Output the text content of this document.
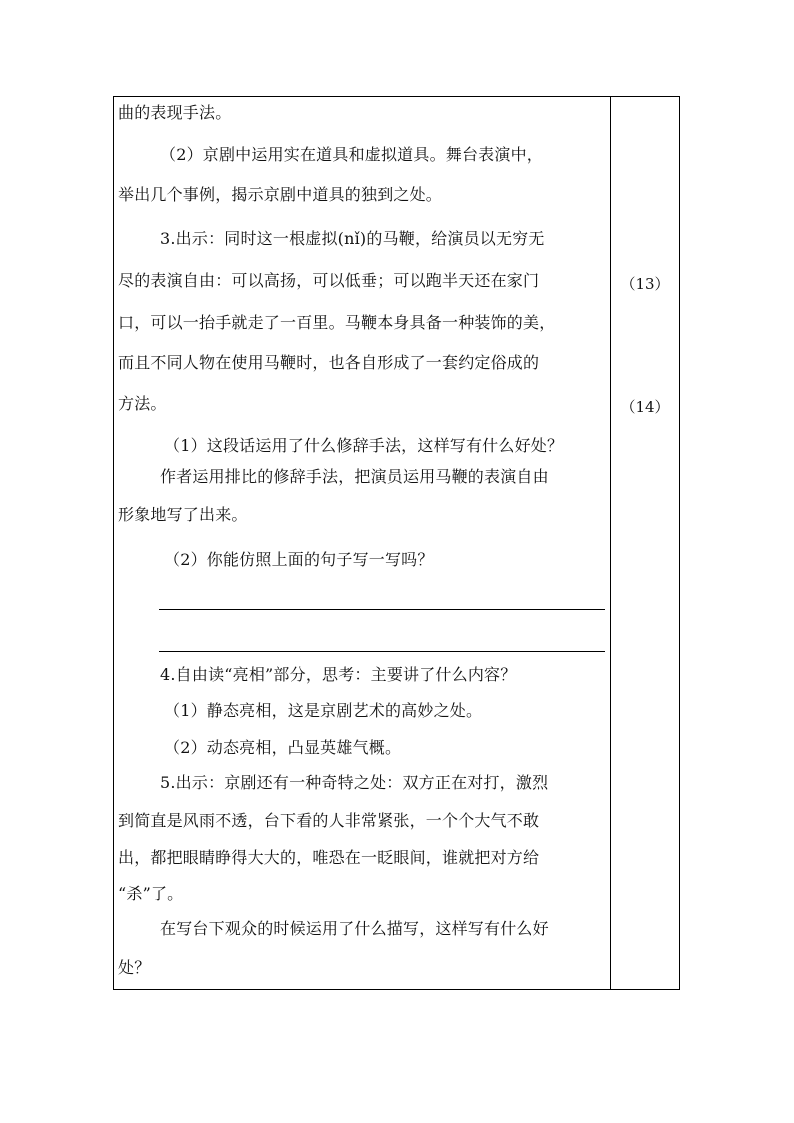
曲的表现手法。
（2）京剧中运用实在道具和虚拟道具。舞台表演中，
举出几个事例，揭示京剧中道具的独到之处。
3.出示：同时这一根虚拟(nǐ)的马鞭，给演员以无穷无
尽的表演自由：可以高扬，可以低垂；可以跑半天还在家门
口，可以一抬手就走了一百里。马鞭本身具备一种装饰的美，
而且不同人物在使用马鞭时，也各自形成了一套约定俗成的
方法。
（1）这段话运用了什么修辞手法，这样写有什么好处？
作者运用排比的修辞手法，把演员运用马鞭的表演自由
形象地写了出来。
（2）你能仿照上面的句子写一写吗？
4.自由读“亮相”部分，思考：主要讲了什么内容？
（1）静态亮相，这是京剧艺术的高妙之处。
（2）动态亮相，凸显英雄气概。
5.出示：京剧还有一种奇特之处：双方正在对打，激烈
到简直是风雨不透，台下看的人非常紧张，一个个大气不敢
出，都把眼睛睁得大大的，唯恐在一眨眼间，谁就把对方给
“杀”了。
在写台下观众的时候运用了什么描写，这样写有什么好
处？
（13）
（14）
